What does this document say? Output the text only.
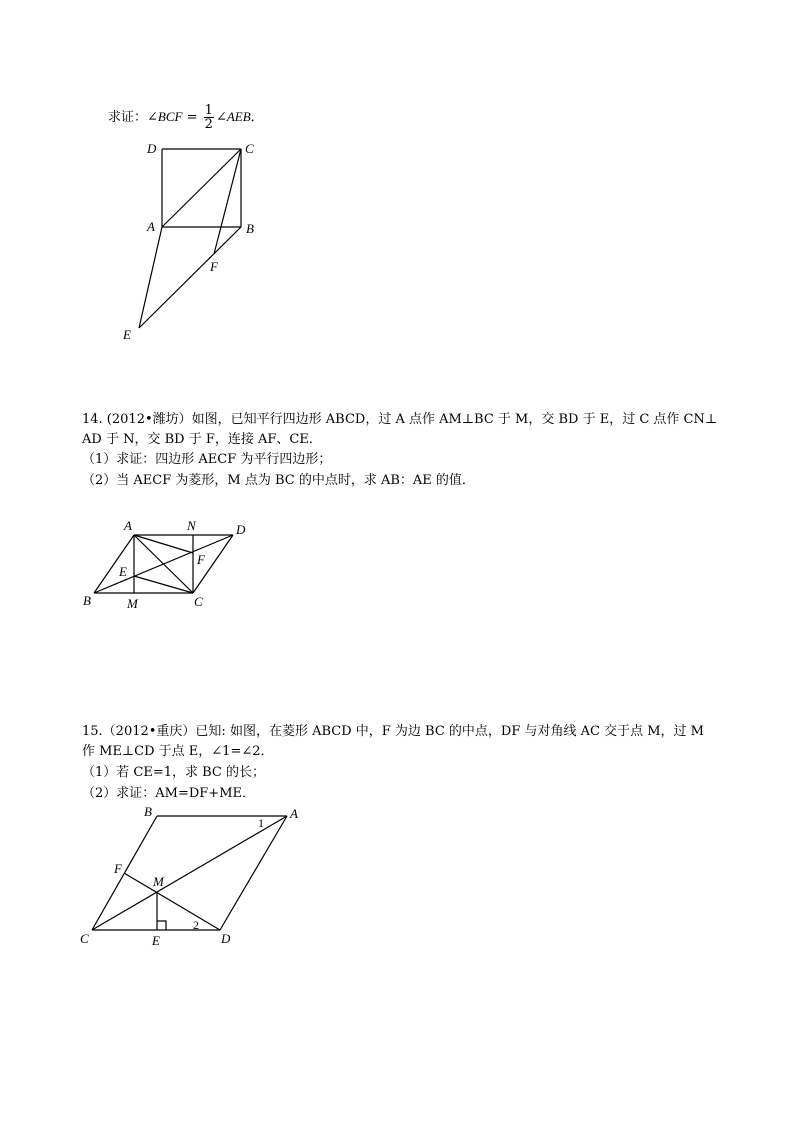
求证：∠BCF = $\frac{1}{2}$ ∠AEB．
D	C
A	B
F
E
14. (2012•潍坊）如图，已知平行四边形 ABCD，过 A 点作 AM⊥BC 于 M，交 BD 于 E，过 C 点作 CN⊥
AD 于 N，交 BD 于 F，连接 AF、CE．
（1）求证：四边形 AECF 为平行四边形；
（2）当 AECF 为菱形，M 点为 BC 的中点时，求 AB：AE 的值．
A	N	D
F
E
B	M	C
15.（2012•重庆）已知: 如图，在菱形 ABCD 中，F 为边 BC 的中点，DF 与对角线 AC 交于点 M，过 M
作 ME⊥CD 于点 E，∠1=∠2．
（1）若 CE=1，求 BC 的长；
（2）求证：AM=DF+ME．
B	A
1
F
M
2
C	E	D
